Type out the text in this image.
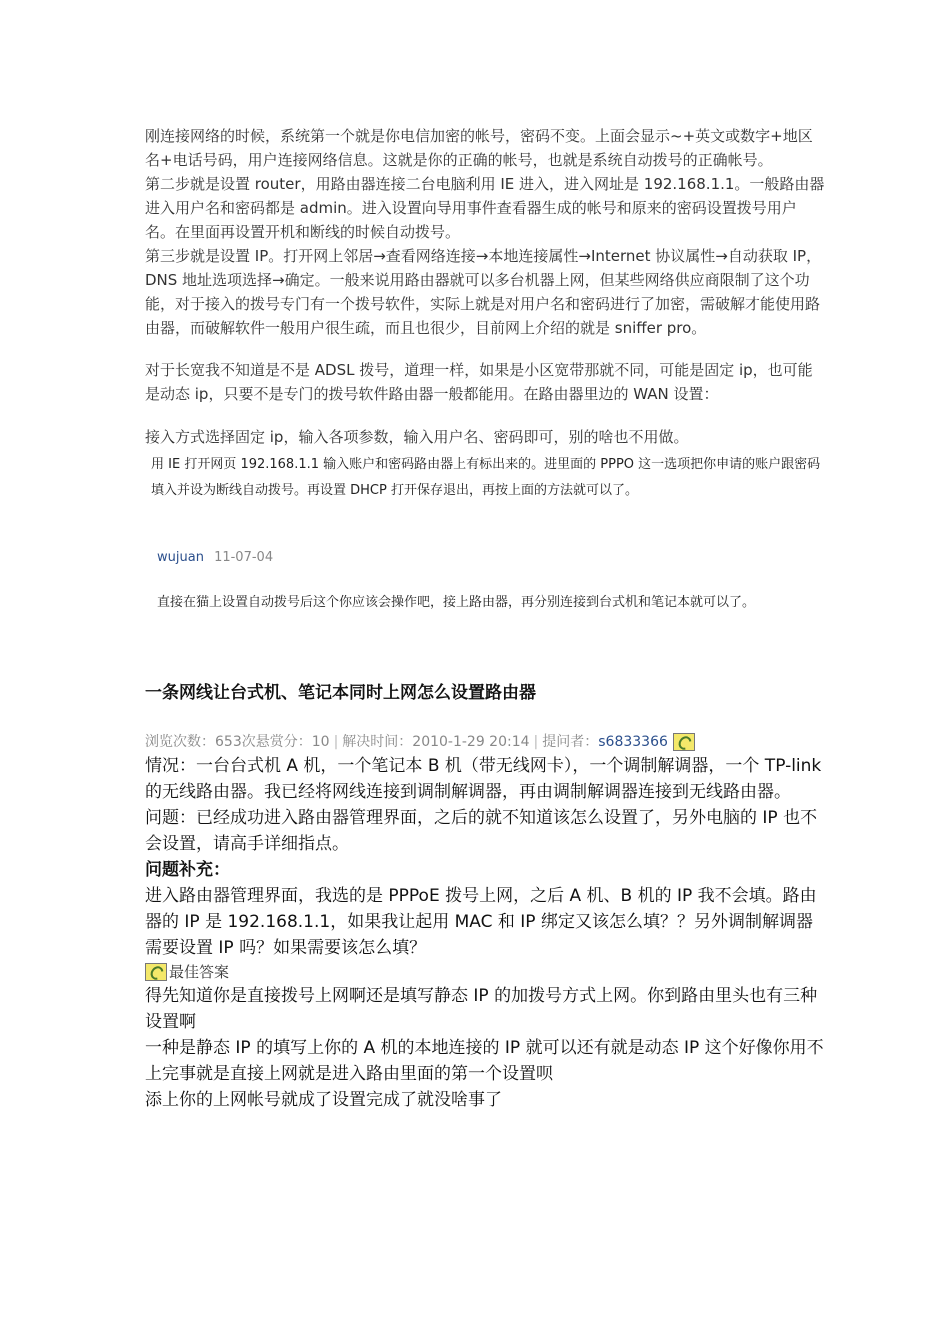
刚连接网络的时候，系统第一个就是你电信加密的帐号，密码不变。上面会显示~+英文或数字+地区名+电话号码，用户连接网络信息。这就是你的正确的帐号，也就是系统自动拨号的正确帐号。

第二步就是设置 router，用路由器连接二台电脑利用 IE 进入，进入网址是 192.168.1.1。一般路由器进入用户名和密码都是 admin。进入设置向导用事件查看器生成的帐号和原来的密码设置拨号用户名。在里面再设置开机和断线的时候自动拨号。

第三步就是设置 IP。打开网上邻居→查看网络连接→本地连接属性→Internet 协议属性→自动获取 IP，DNS 地址选项选择→确定。一般来说用路由器就可以多台机器上网，但某些网络供应商限制了这个功能，对于接入的拨号专门有一个拨号软件，实际上就是对用户名和密码进行了加密，需破解才能使用路由器，而破解软件一般用户很生疏，而且也很少，目前网上介绍的就是 sniffer pro。

对于长宽我不知道是不是 ADSL 拨号，道理一样，如果是小区宽带那就不同，可能是固定 ip，也可能是动态 ip，只要不是专门的拨号软件路由器一般都能用。在路由器里边的 WAN 设置：

接入方式选择固定 ip，输入各项参数，输入用户名、密码即可，别的啥也不用做。

用 IE 打开网页 192.168.1.1 输入账户和密码路由器上有标出来的。进里面的 PPPO 这一选项把你申请的账户跟密码填入并设为断线自动拨号。再设置 DHCP 打开保存退出，再按上面的方法就可以了。

wujuan 11-07-04
直接在猫上设置自动拨号后这个你应该会操作吧，接上路由器，再分别连接到台式机和笔记本就可以了。
一条网线让台式机、笔记本同时上网怎么设置路由器
浏览次数： 653 次悬赏分： 10 | 解决时间： 2010-1-29 20:14 | 提问者： s6833366

情况：一台台式机 A 机，一个笔记本 B 机（带无线网卡），一个调制解调器，一个 TP-link 的无线路由器。我已经将网线连接到调制解调器，再由调制解调器连接到无线路由器。

问题：已经成功进入路由器管理界面，之后的就不知道该怎么设置了，另外电脑的 IP 也不会设置，请高手详细指点。

问题补充：

进入路由器管理界面，我选的是 PPPoE 拨号上网，之后 A 机、B 机的 IP 我不会填。路由器的 IP 是 192.168.1.1，如果我让起用 MAC 和 IP 绑定又该怎么填？？另外调制解调器需要设置 IP 吗？如果需要该怎么填？

最佳答案

得先知道你是直接拨号上网啊还是填写静态 IP 的加拨号方式上网。你到路由里头也有三种设置啊

一种是静态 IP 的填写上你的 A 机的本地连接的 IP 就可以还有就是动态 IP 这个好像你用不上完事就是直接上网就是进入路由里面的第一个设置呗

添上你的上网帐号就成了设置完成了就没啥事了
